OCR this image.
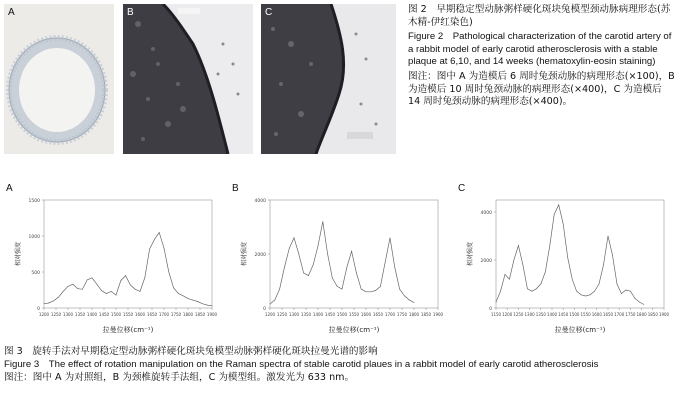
A	B	C	图 2　早期稳定型动脉粥样硬化斑块兔模型颈动脉病理形态(苏木精-伊红染色)
Figure 2　Pathological characterization of the carotid artery of a rabbit model of early carotid atherosclerosis with a stable plaque at 6,10, and 14 weeks (hematoxylin-eosin staining)
图注：图中 A 为造模后 6 周时兔颈动脉的病理形态(×100)，B 为造模后 10 周时兔颈动脉的病理形态(×400)，C 为造模后 14 周时兔颈动脉的病理形态(×400)。
A	B	C
0
500
1000
1500
1200 1250 1300 1350 1400 1450 1500 1550 1600 1650 1700 1750 1800 1850 1900
拉曼位移(cm⁻¹)
相对强度
0
2000
4000
1200 1250 1300 1350 1400 1450 1500 1550 1600 1650 1700 1750 1800 1850 1900
拉曼位移(cm⁻¹)
相对强度
0
2000
4000
1150 1200 1250 1300 1350 1400 1450 1500 1550 1600 1650 1700 1750 1800 1850 1900
拉曼位移(cm⁻¹)
相对强度
图 3　旋转手法对早期稳定型动脉粥样硬化斑块兔模型动脉粥样硬化斑块拉曼光谱的影响
Figure 3　The effect of rotation manipulation on the Raman spectra of stable carotid plaues in a rabbit model of early carotid atherosclerosis
图注：图中 A 为对照组，B 为颈椎旋转手法组，C 为模型组。激发光为 633 nm。
